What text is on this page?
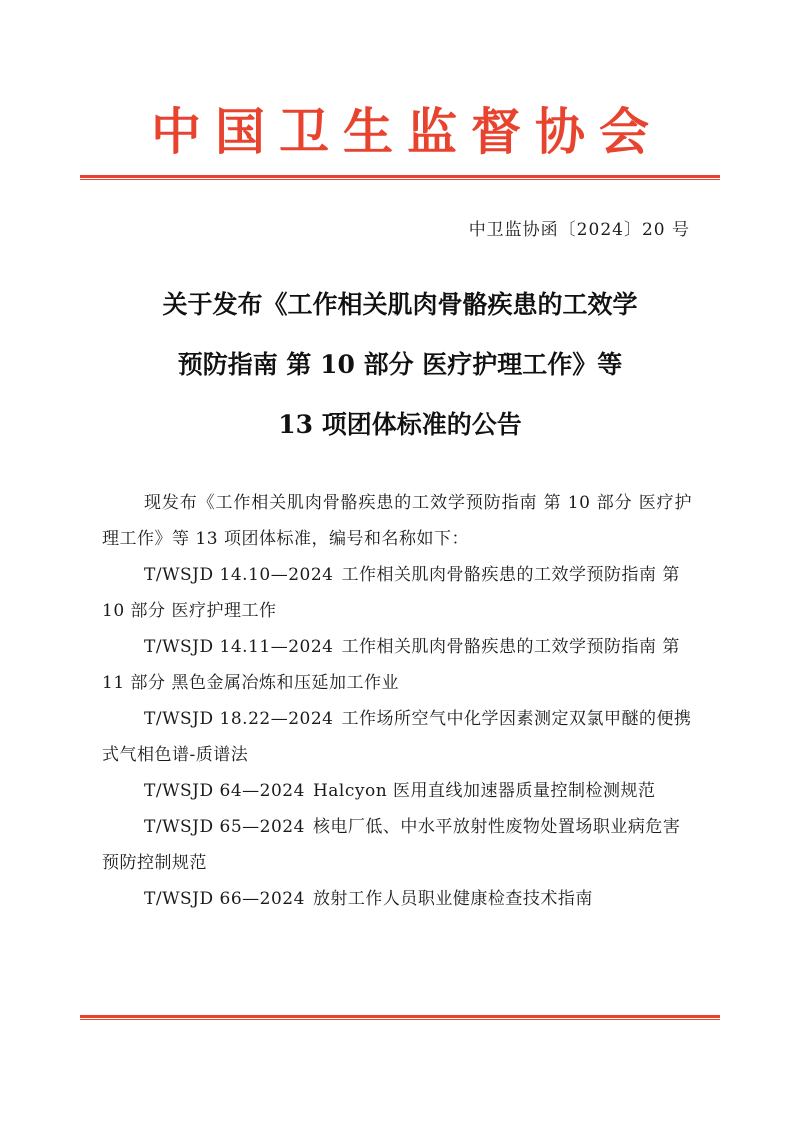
中国卫生监督协会
中卫监协函〔2024〕20 号
关于发布《工作相关肌肉骨骼疾患的工效学
预防指南 第 10 部分 医疗护理工作》等
13 项团体标准的公告

现发布《工作相关肌肉骨骼疾患的工效学预防指南 第 10 部分 医疗护理工作》等 13 项团体标准，编号和名称如下：

T/WSJD 14.10—2024 工作相关肌肉骨骼疾患的工效学预防指南 第 10 部分 医疗护理工作

T/WSJD 14.11—2024 工作相关肌肉骨骼疾患的工效学预防指南 第 11 部分 黑色金属冶炼和压延加工作业

T/WSJD 18.22—2024 工作场所空气中化学因素测定双氯甲醚的便携式气相色谱-质谱法

T/WSJD 64—2024 Halcyon 医用直线加速器质量控制检测规范

T/WSJD 65—2024 核电厂低、中水平放射性废物处置场职业病危害预防控制规范

T/WSJD 66—2024 放射工作人员职业健康检查技术指南
